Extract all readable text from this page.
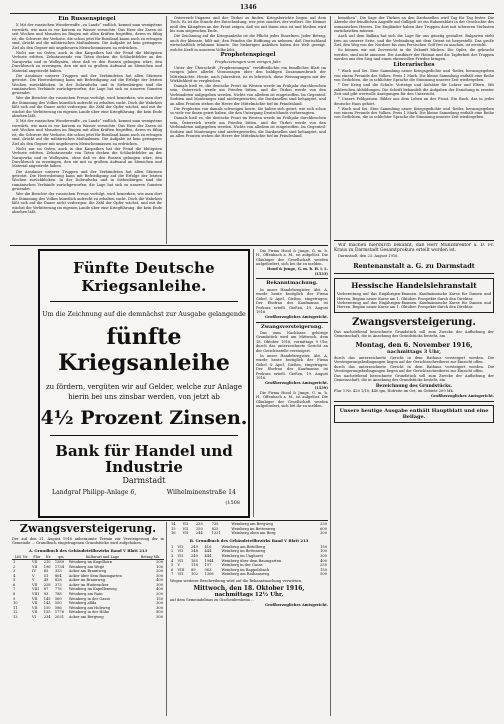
1346
Ein Russenspiegel

X Mit der russischen Wunderwaffe „zu Lande“ endlich, kommt man wenigstens vorwärts, wie man es vor kurzem zu Wasser versuchte. Das Heer der Zaren ist seit Wochen und Monaten im Ringen mit allen Kräften begriffen, deren es fähig ist; die Schwere der Verluste, die schon jetzt für Russland kaum noch zu ertragen sind, drückt auf die militärischen Maßnahmen. Die Aufgabe ist kein geringeres Ziel als den Gegner mit ungeheuren Menschenmassen zu erdrücken.

Nicht nur im Osten, auch in den Karpathen hat der Feind die blutigsten Verluste erlitten. Zehntausende von Toten decken die Schlachtfelder an der Narajowka und in Wolhynien, ohne daß es den Russen gelungen wäre, den Durchbruch zu erzwingen, den sie mit so großem Aufwand an Menschen und Material angestrebt haben.

Die Ausdauer unserer Truppen und der Verbündeten hat allen Stürmen getrotzt. Die Heeresleitung kann mit Befriedigung auf die Erfolge der letzten Wochen zurückblicken. In der Dobrudscha und in Siebenbürgen sind die rumänischen Verbände zurückgeworfen; die Lage hat sich zu unseren Gunsten gewendet.

Wer die Berichte der russischen Presse verfolgt, wird bemerken, wie man dort die Stimmung des Volkes künstlich aufrecht zu erhalten sucht. Doch die Wahrheit läßt sich auf die Dauer nicht verbergen: die Zahl der Opfer wächst, und mit ihr wächst die Verbitterung im eigenen Lande über eine Kriegführung, die kein Ende absehen läßt.

X Mit der russischen Wunderwaffe „zu Lande“ endlich, kommt man wenigstens vorwärts, wie man es vor kurzem zu Wasser versuchte. Das Heer der Zaren ist seit Wochen und Monaten im Ringen mit allen Kräften begriffen, deren es fähig ist; die Schwere der Verluste, die schon jetzt für Russland kaum noch zu ertragen sind, drückt auf die militärischen Maßnahmen. Die Aufgabe ist kein geringeres Ziel als den Gegner mit ungeheuren Menschenmassen zu erdrücken.

Nicht nur im Osten, auch in den Karpathen hat der Feind die blutigsten Verluste erlitten. Zehntausende von Toten decken die Schlachtfelder an der Narajowka und in Wolhynien, ohne daß es den Russen gelungen wäre, den Durchbruch zu erzwingen, den sie mit so großem Aufwand an Menschen und Material angestrebt haben.

Die Ausdauer unserer Truppen und der Verbündeten hat allen Stürmen getrotzt. Die Heeresleitung kann mit Befriedigung auf die Erfolge der letzten Wochen zurückblicken. In der Dobrudscha und in Siebenbürgen sind die rumänischen Verbände zurückgeworfen; die Lage hat sich zu unseren Gunsten gewendet.

Wer die Berichte der russischen Presse verfolgt, wird bemerken, wie man dort die Stimmung des Volkes künstlich aufrecht zu erhalten sucht. Doch die Wahrheit läßt sich auf die Dauer nicht verbergen: die Zahl der Opfer wächst, und mit ihr wächst die Verbitterung im eigenen Lande über eine Kriegführung, die kein Ende absehen läßt.

Österreich-Ungarns und der Türkei zu finden. Kriegsberichte liegen auf dem Tisch. Es ist die Stunde der Entscheidung; wer jetzt zaudert, der verliert. Die Heimat muß den Kämpfern an der Front zeigen, daß sie mit ihnen eins ist und bleiben wird bis zum siegreichen Ende.

Die Zeichnung auf die Kriegsanleihe ist die Pflicht jedes Einzelnen. Jeder Betrag, auch der kleinste, hilft mit, den Feinden die Hoffnung zu nehmen, daß Deutschland wirtschaftlich erlahmen könnte. Die bisherigen Anleihen haben der Welt gezeigt, welche Kraft in unserem Volke lebt.

Prophetenspiegel
Prophezeiungen vom vorigen Jahr.

Unter der Überschrift „Prophezeiungen“ veröffentlichte ein feindliches Blatt im vorigen Jahre allerlei Voraussagen über den baldigen Zusammenbruch der Mittelmächte. Heute, nach Jahresfrist, ist es lehrreich, diese Weissagungen mit der Wirklichkeit zu vergleichen.

Damals hieß es, die deutsche Front im Westen werde im Frühjahr durchbrochen sein, Österreich werde um Frieden bitten, und die Türkei werde von den Verbündeten aufgegeben werden. Nichts von alledem ist eingetroffen. Im Gegenteil: Serbien und Montenegro sind niedergeworfen, die Dardanellen sind behauptet, und an allen Fronten stehen die Heere der Mittelmächte tief im Feindesland.

Die Propheten von damals schweigen heute. Sie haben sich geirrt, wie sich schon so viele vor ihnen geirrt haben, die den Untergang Deutschlands vorhersagten.

Damals hieß es, die deutsche Front im Westen werde im Frühjahr durchbrochen sein, Österreich werde um Frieden bitten, und die Türkei werde von den Verbündeten aufgegeben werden. Nichts von alledem ist eingetroffen. Im Gegenteil: Serbien und Montenegro sind niedergeworfen, die Dardanellen sind behauptet, und an allen Fronten stehen die Heere der Mittelmächte tief im Feindesland.

bemühen“. Die Sage der Türken an den Dardanellen wird Tag für Tag fester. Die Abwehr der feindlichen Angriffe auf Gallipoli ist ein Ruhmesblatt in der Geschichte des osmanischen Heeres. Die Engländer haben ihre Truppen dort mit schweren Verlusten zurückziehen müssen.

Auch auf dem Balkan hat sich die Lage für uns günstig gestaltet. Bulgarien steht treu an unserer Seite, und die Verbindung mit dem Orient ist hergestellt. Das große Ziel, den Weg von der Nordsee bis zum Persischen Golf frei zu machen, ist erreicht.

So können wir mit Zuversicht in die Zukunft blicken. Die Opfer, die gebracht werden, sind nicht umsonst. Die Ausdauer der Heimat und die Tapferkeit der Truppen werden uns den Sieg und einen ehrenvollen Frieden bringen.

Literarisches

* Wach und Sei. Eine Sammlung neuer Kriegsgedichte und -lieder, herausgegeben von einem Freunde des Volkes. Preis 1 Mark. Die kleine Sammlung enthält eine Reihe von Gedichten, die in schlichter Sprache die Stimmung unserer Zeit wiedergeben.

* Der Krieg und die Schule. Vorträge und Aufsätze für Lehrer und Eltern. Mit zahlreichen Abbildungen. Die Schrift behandelt die Aufgaben der Erziehung in ernster Zeit und gibt wertvolle Anregungen für den Unterricht.

* Unsere Feldgrauen. Bilder aus dem Leben an der Front. Ein Buch, das in jedes deutsche Haus gehört.

* Wach und Sei. Eine Sammlung neuer Kriegsgedichte und -lieder, herausgegeben von einem Freunde des Volkes. Preis 1 Mark. Die kleine Sammlung enthält eine Reihe von Gedichten, die in schlichter Sprache die Stimmung unserer Zeit wiedergeben.

Fünfte Deutsche Kriegsanleihe.
Um die Zeichnung auf die demnächst zur Ausgabe gelangende
fünfte Kriegsanleihe
zu fördern, vergüten wir auf Gelder, welche zur Anlage hierin bei uns zinsbar werden, von jetzt ab
4½ Prozent Zinsen.
Bank für Handel und Industrie
Darmstadt
Landgraf Philipp-Anlage 6,	Wilhelminenstraße 14
(1508

Die Firma Hood & Junge, G. m. b. H., Offenbach a. M., ist aufgelöst. Die Gläubiger der Gesellschaft werden aufgefordert, sich bei ihr zu melden.

Hood & Junge, G. m. b. H. i. L. (1533)

Bekanntmachung.

In unser Handelsregister, Abt. A, wurde heute bezüglich der Firma Göbel & Apel, Gießen, eingetragen: Der Ehefrau des Kaufmanns ist Prokura erteilt. Gießen, 19. August 1916.

Großherzogliches Amtsgericht.

Zwangsversteigerung.

Das zum Nachlasse gehörige Grundstück wird am Mittwoch, dem 18. Oktober 1916, vormittags 9 Uhr, durch das unterzeichnete Gericht an der Gerichtsstelle versteigert.

In unser Handelsregister, Abt. A, wurde heute bezüglich der Firma Göbel & Apel, Gießen, eingetragen: Der Ehefrau des Kaufmanns ist Prokura erteilt. Gießen, 19. August 1916.

Großherzogliches Amtsgericht. (1539)

Die Firma Hood & Junge, G. m. b. H., Offenbach a. M., ist aufgelöst. Die Gläubiger der Gesellschaft werden aufgefordert, sich bei ihr zu melden.

Wir machen hierdurch bekannt, daß Herr Münzdirektor a. D. Fr. Kraus zu Darmstadt Gesamtprokura erteilt worden ist.

Darmstadt, den 23. August 1916.

Rentenanstalt a. G. zu Darmstadt
Hessische Handelslehranstalt
Vorbereitung auf das Einjährigen-Examen. Kaufmännische Kurse für Damen und Herren. Beginn neuer Kurse am 1. Oktober. Prospekte durch den Direktor.
Vorbereitung auf das Einjährigen-Examen. Kaufmännische Kurse für Damen und Herren. Beginn neuer Kurse am 1. Oktober. Prospekte durch den Direktor.
Zwangsversteigerung.
Das nachstehend bezeichnete Grundstück soll zum Zwecke der Aufhebung der Gemeinschaft, die in Ansehung des Grundstücks besteht, am
Montag, den 6. November 1916,
nachmittags 3 Uhr,
durch das unterzeichnete Gericht in dem Rathaus versteigert werden. Die Versteigerungsbedingungen liegen auf der Gerichtsschreiberei zur Einsicht offen.
durch das unterzeichnete Gericht in dem Rathaus versteigert werden. Die Versteigerungsbedingungen liegen auf der Gerichtsschreiberei zur Einsicht offen.
Das nachstehend bezeichnete Grundstück soll zum Zwecke der Aufhebung der Gemeinschaft, die in Ansehung des Grundstücks besteht, am
Bezeichnung des Grundstücks.
Flur 1 Nr. 420 1/10, 440 qm, Hofreite im Ort, im Gebiete 209 Mk.
Großherzogliches Amtsgericht.
Unsere heutige Ausgabe enthält Hauptblatt und eine Beilage.
Zwangsversteigerung.
Der auf den 21. August 1916 anberaumte Termin zur Versteigerung der in Gemeinde ... Grundbuch eingetragenen Grundstücke wird aufgehoben.
A. Grundbuch des Gebäudeteilbezirks Band V Blatt 213
Lfd. Nr.	Flur	Nr.	qm	Kulturart und Lage	Betrag Mk.
1	VII	210	1389	Weinberg im Kugelhorn	200
2	VII	196	1734	Weinberg am Wege	100
3	IV	65	353	Acker am Braunweg	200
4	V	51	804	Acker über dem Baumgarten	300
5	V	49	828	Acker im Braunweg	400
6	VII	228	373	Acker im Hinteracker	300
7	VIII	87	776	Weinberg im Kapellenweg	400
8	VIII	93	788	Weinberg am Rain	200
9	VII	145	569	Weinberg in der Gasse	150
10	VII	145	550	Weinberg allda	300
11	VII	150	586	Weinberg am Holzweg	300
12	VII	155	1776	Weinberg in der Höhe	800
13	VI	234	2031	Acker am Bergweg	300
14	VII	235	735	Weinberg am Bergweg	250
15	VII	250	825	Weinberg im Bettenweg	600
16	VII	244	1331	Weinberg oben am Berg	200
B. Grundbuch des Gebäudeteilbezirks Band V Blatt 213
1	VII	249	416	Weinberg am Bittelberg	150
2	VII	248	444	Weinberg im Bettenweg	100
3	VII	249	444	Weinberg im Unghorst	300
4	VII	185	1944	Weinberg über dem Baumgarten	400
5	V	118	197	Weinberg in der Gasse	250
6	VIII	89	563	Weinberg im Rappelsbach	150
7	VII	102	1306	Weinberg am Rathausweg	500
Wegen weiterer Beschreibung wird auf die Bekanntmachung verwiesen.
Mittwoch, den 18. Oktober 1916,
nachmittags 12½ Uhr,
auf dem Gemeindebaus zu Gischeidersheim ...
Großherzogliches Amtsgericht.
